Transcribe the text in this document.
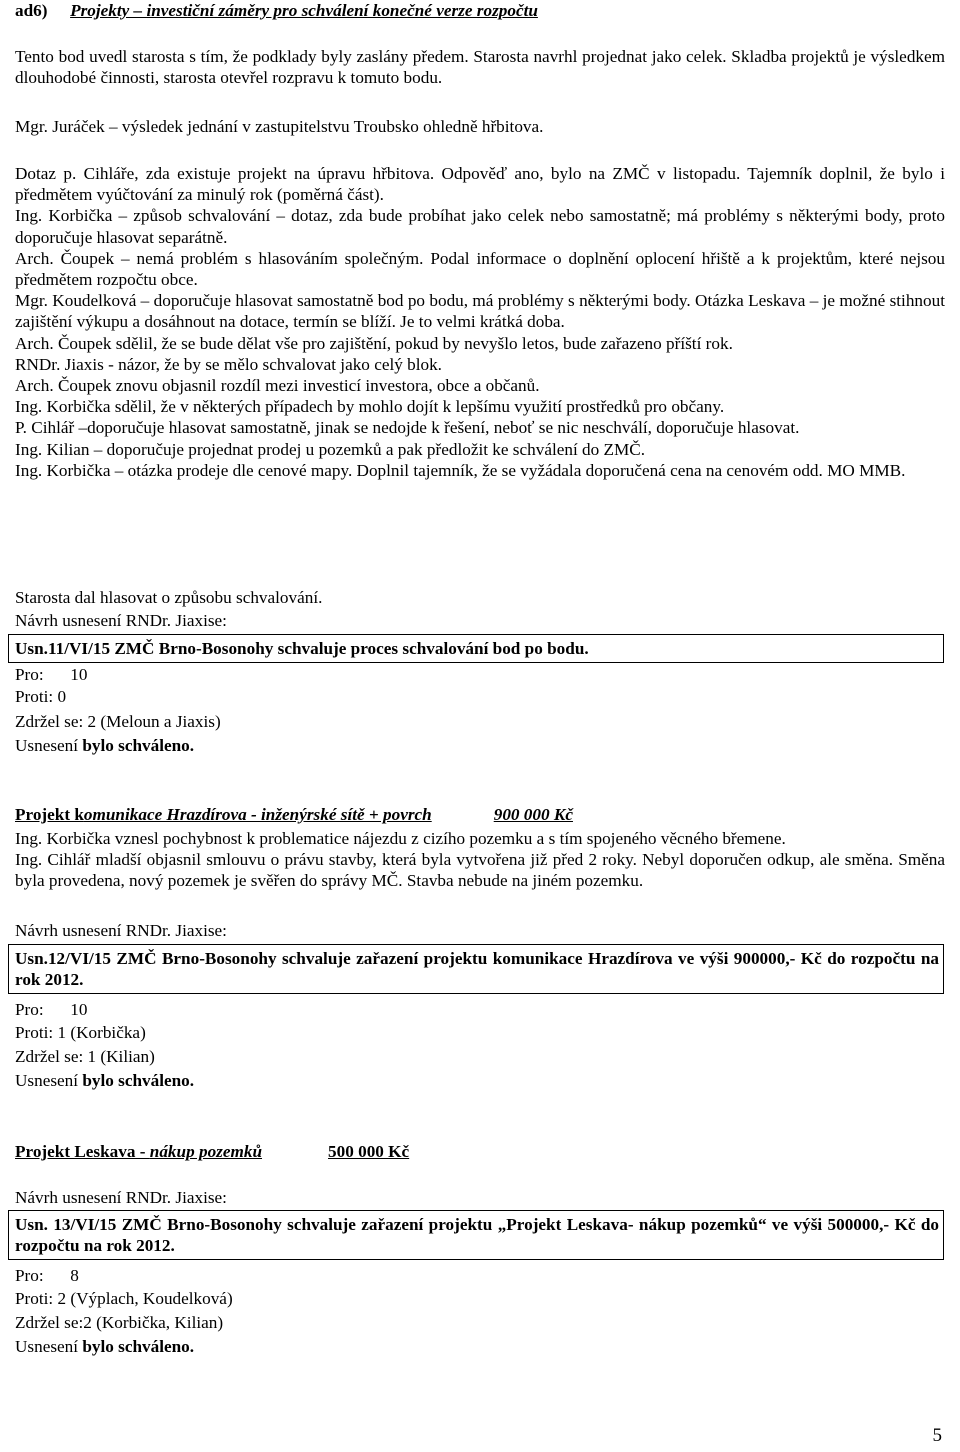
ad6) Projekty – investiční záměry pro schválení konečné verze rozpočtu
Tento bod uvedl starosta s tím, že podklady byly zaslány předem. Starosta navrhl projednat jako celek. Skladba projektů je výsledkem dlouhodobé činnosti, starosta otevřel rozpravu k tomuto bodu.
Mgr. Juráček – výsledek jednání v zastupitelstvu Troubsko ohledně hřbitova.
Dotaz p. Cihláře, zda existuje projekt na úpravu hřbitova. Odpověď ano, bylo na ZMČ v listopadu. Tajemník doplnil, že bylo i předmětem vyúčtování za minulý rok (poměrná část).
Ing. Korbička – způsob schvalování – dotaz, zda bude probíhat jako celek nebo samostatně; má problémy s některými body, proto doporučuje hlasovat separátně.
Arch. Čoupek – nemá problém s hlasováním společným. Podal informace o doplnění oplocení hřiště a k projektům, které nejsou předmětem rozpočtu obce.
Mgr. Koudelková – doporučuje hlasovat samostatně bod po bodu, má problémy s některými body. Otázka Leskava – je možné stihnout zajištění výkupu a dosáhnout na dotace, termín se blíží. Je to velmi krátká doba.
Arch. Čoupek sdělil, že se bude dělat vše pro zajištění, pokud by nevyšlo letos, bude zařazeno příští rok.
RNDr. Jiaxis - názor, že by se mělo schvalovat jako celý blok.
Arch. Čoupek znovu objasnil rozdíl mezi investicí investora, obce a občanů.
Ing. Korbička sdělil, že v některých případech by mohlo dojít k lepšímu využití prostředků pro občany.
P. Cihlář –doporučuje hlasovat samostatně, jinak se nedojde k řešení, neboť se nic neschválí, doporučuje hlasovat.
Ing. Kilian – doporučuje projednat prodej u pozemků a pak předložit ke schválení do ZMČ.
Ing. Korbička – otázka prodeje dle cenové mapy. Doplnil tajemník, že se vyžádala doporučená cena na cenovém odd. MO MMB.
Starosta dal hlasovat o způsobu schvalování.
Návrh usnesení RNDr. Jiaxise:
Usn.11/VI/15 ZMČ Brno-Bosonohy schvaluje proces schvalování bod po bodu.
Pro: 10
Proti: 0
Zdržel se: 2 (Meloun a Jiaxis)
Usnesení bylo schváleno.
Projekt komunikace Hrazdírova - inženýrské sítě + povrch	900 000 Kč
Ing. Korbička vznesl pochybnost k problematice nájezdu z cizího pozemku a s tím spojeného věcného břemene.
Ing. Cihlář mladší objasnil smlouvu o právu stavby, která byla vytvořena již před 2 roky. Nebyl doporučen odkup, ale směna. Směna byla provedena, nový pozemek je svěřen do správy MČ. Stavba nebude na jiném pozemku.
Návrh usnesení RNDr. Jiaxise:
Usn.12/VI/15 ZMČ Brno-Bosonohy schvaluje zařazení projektu komunikace Hrazdírova ve výši 900000,- Kč do rozpočtu na rok 2012.
Pro: 10
Proti: 1 (Korbička)
Zdržel se: 1 (Kilian)
Usnesení bylo schváleno.
Projekt Leskava - nákup pozemků	500 000 Kč
Návrh usnesení RNDr. Jiaxise:
Usn. 13/VI/15 ZMČ Brno-Bosonohy schvaluje zařazení projektu „Projekt Leskava- nákup pozemků“ ve výši 500000,- Kč do rozpočtu na rok 2012.
Pro: 8
Proti: 2 (Výplach, Koudelková)
Zdržel se:2 (Korbička, Kilian)
Usnesení bylo schváleno.
5
